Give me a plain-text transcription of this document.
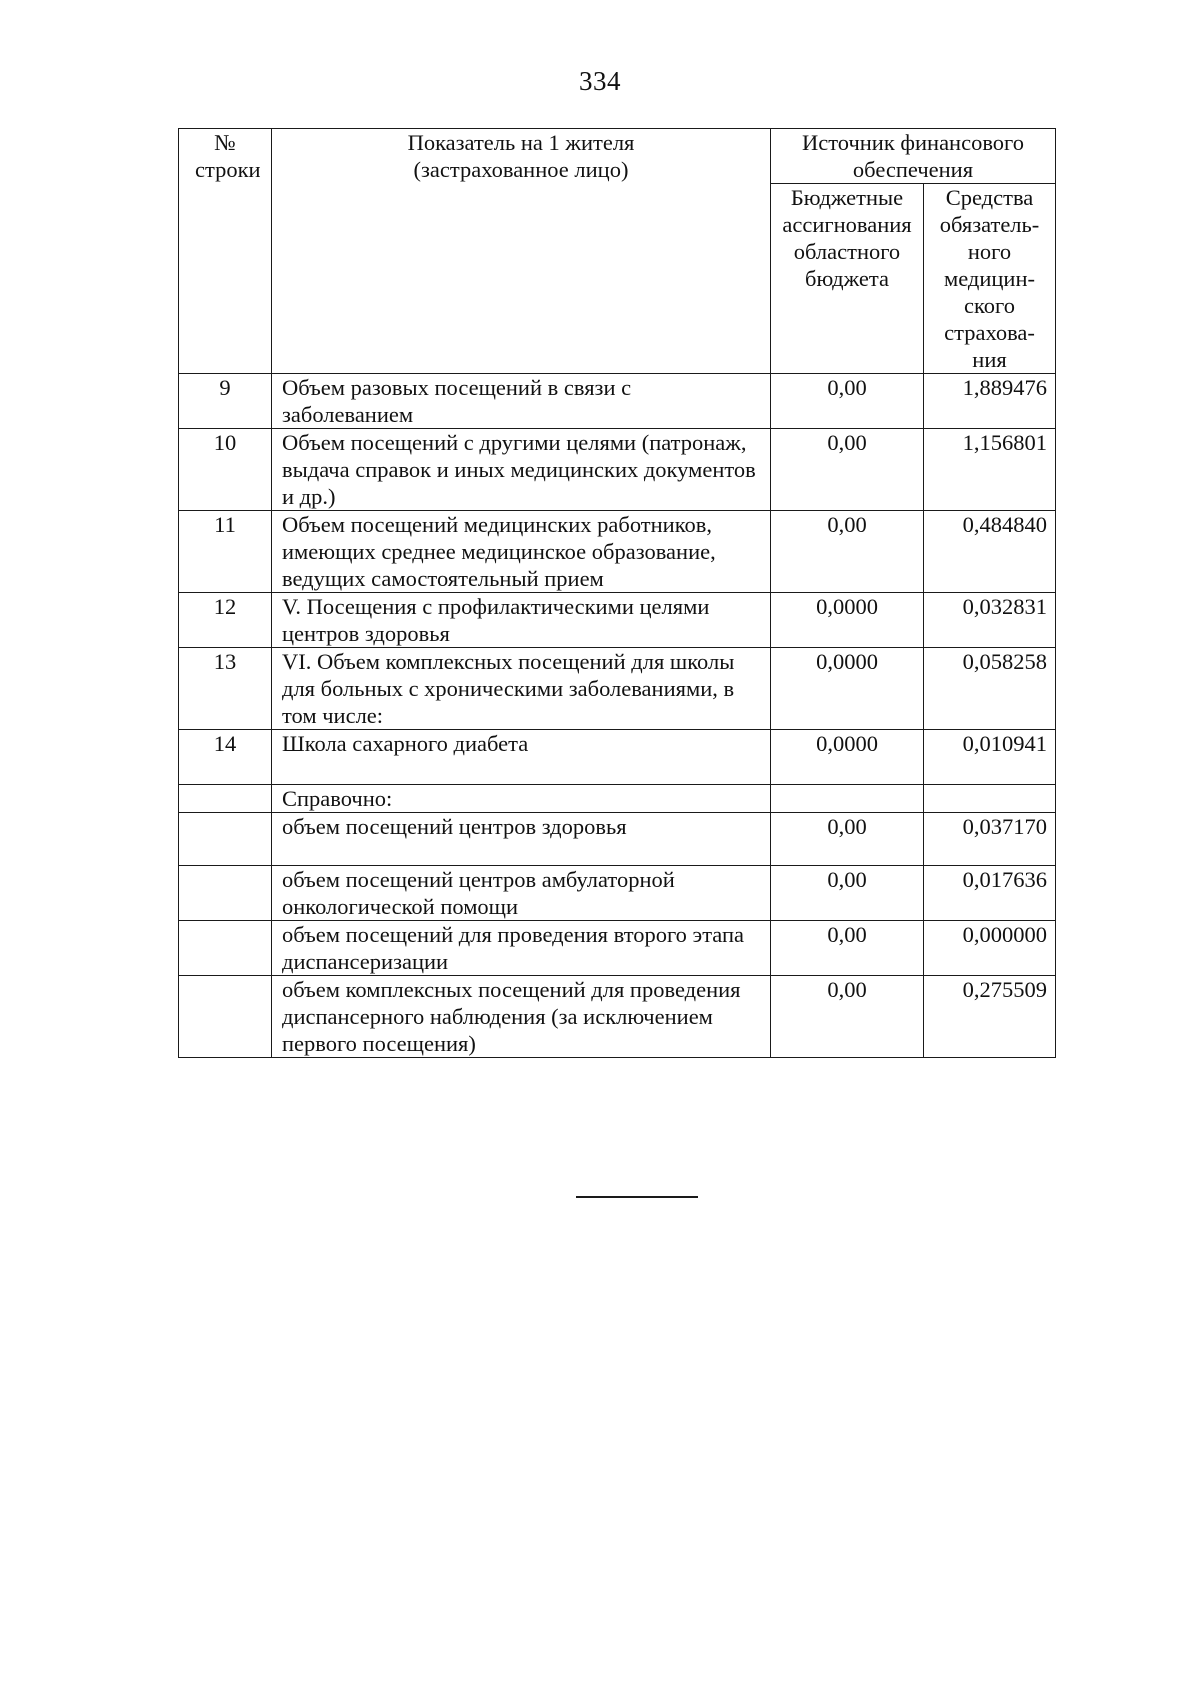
334
№ строки	Показатель на 1 жителя (застрахованное лицо)	Источник финансового обеспечения	

		Бюджетные ассигнования областного бюджета	Средства обязатель-ного медицин-ского страхова-ния

9	Объем разовых посещений в связи с заболеванием	0,00	1,889476
10	Объем посещений с другими целями (патронаж, выдача справок и иных медицинских документов и др.)	0,00	1,156801
11	Объем посещений медицинских работников, имеющих среднее медицинское образование, ведущих самостоятельный прием	0,00	0,484840
12	V. Посещения с профилактическими целями центров здоровья	0,0000	0,032831
13	VI. Объем комплексных посещений для школы для больных с хроническими заболеваниями, в том числе:	0,0000	0,058258
14	Школа сахарного диабета	0,0000	0,010941
	Справочно:		
	объем посещений центров здоровья	0,00	0,037170
	объем посещений центров амбулаторной онкологической помощи	0,00	0,017636
	объем посещений для проведения второго этапа диспансеризации	0,00	0,000000
	объем комплексных посещений для проведения диспансерного наблюдения (за исключением первого посещения)	0,00	0,275509
